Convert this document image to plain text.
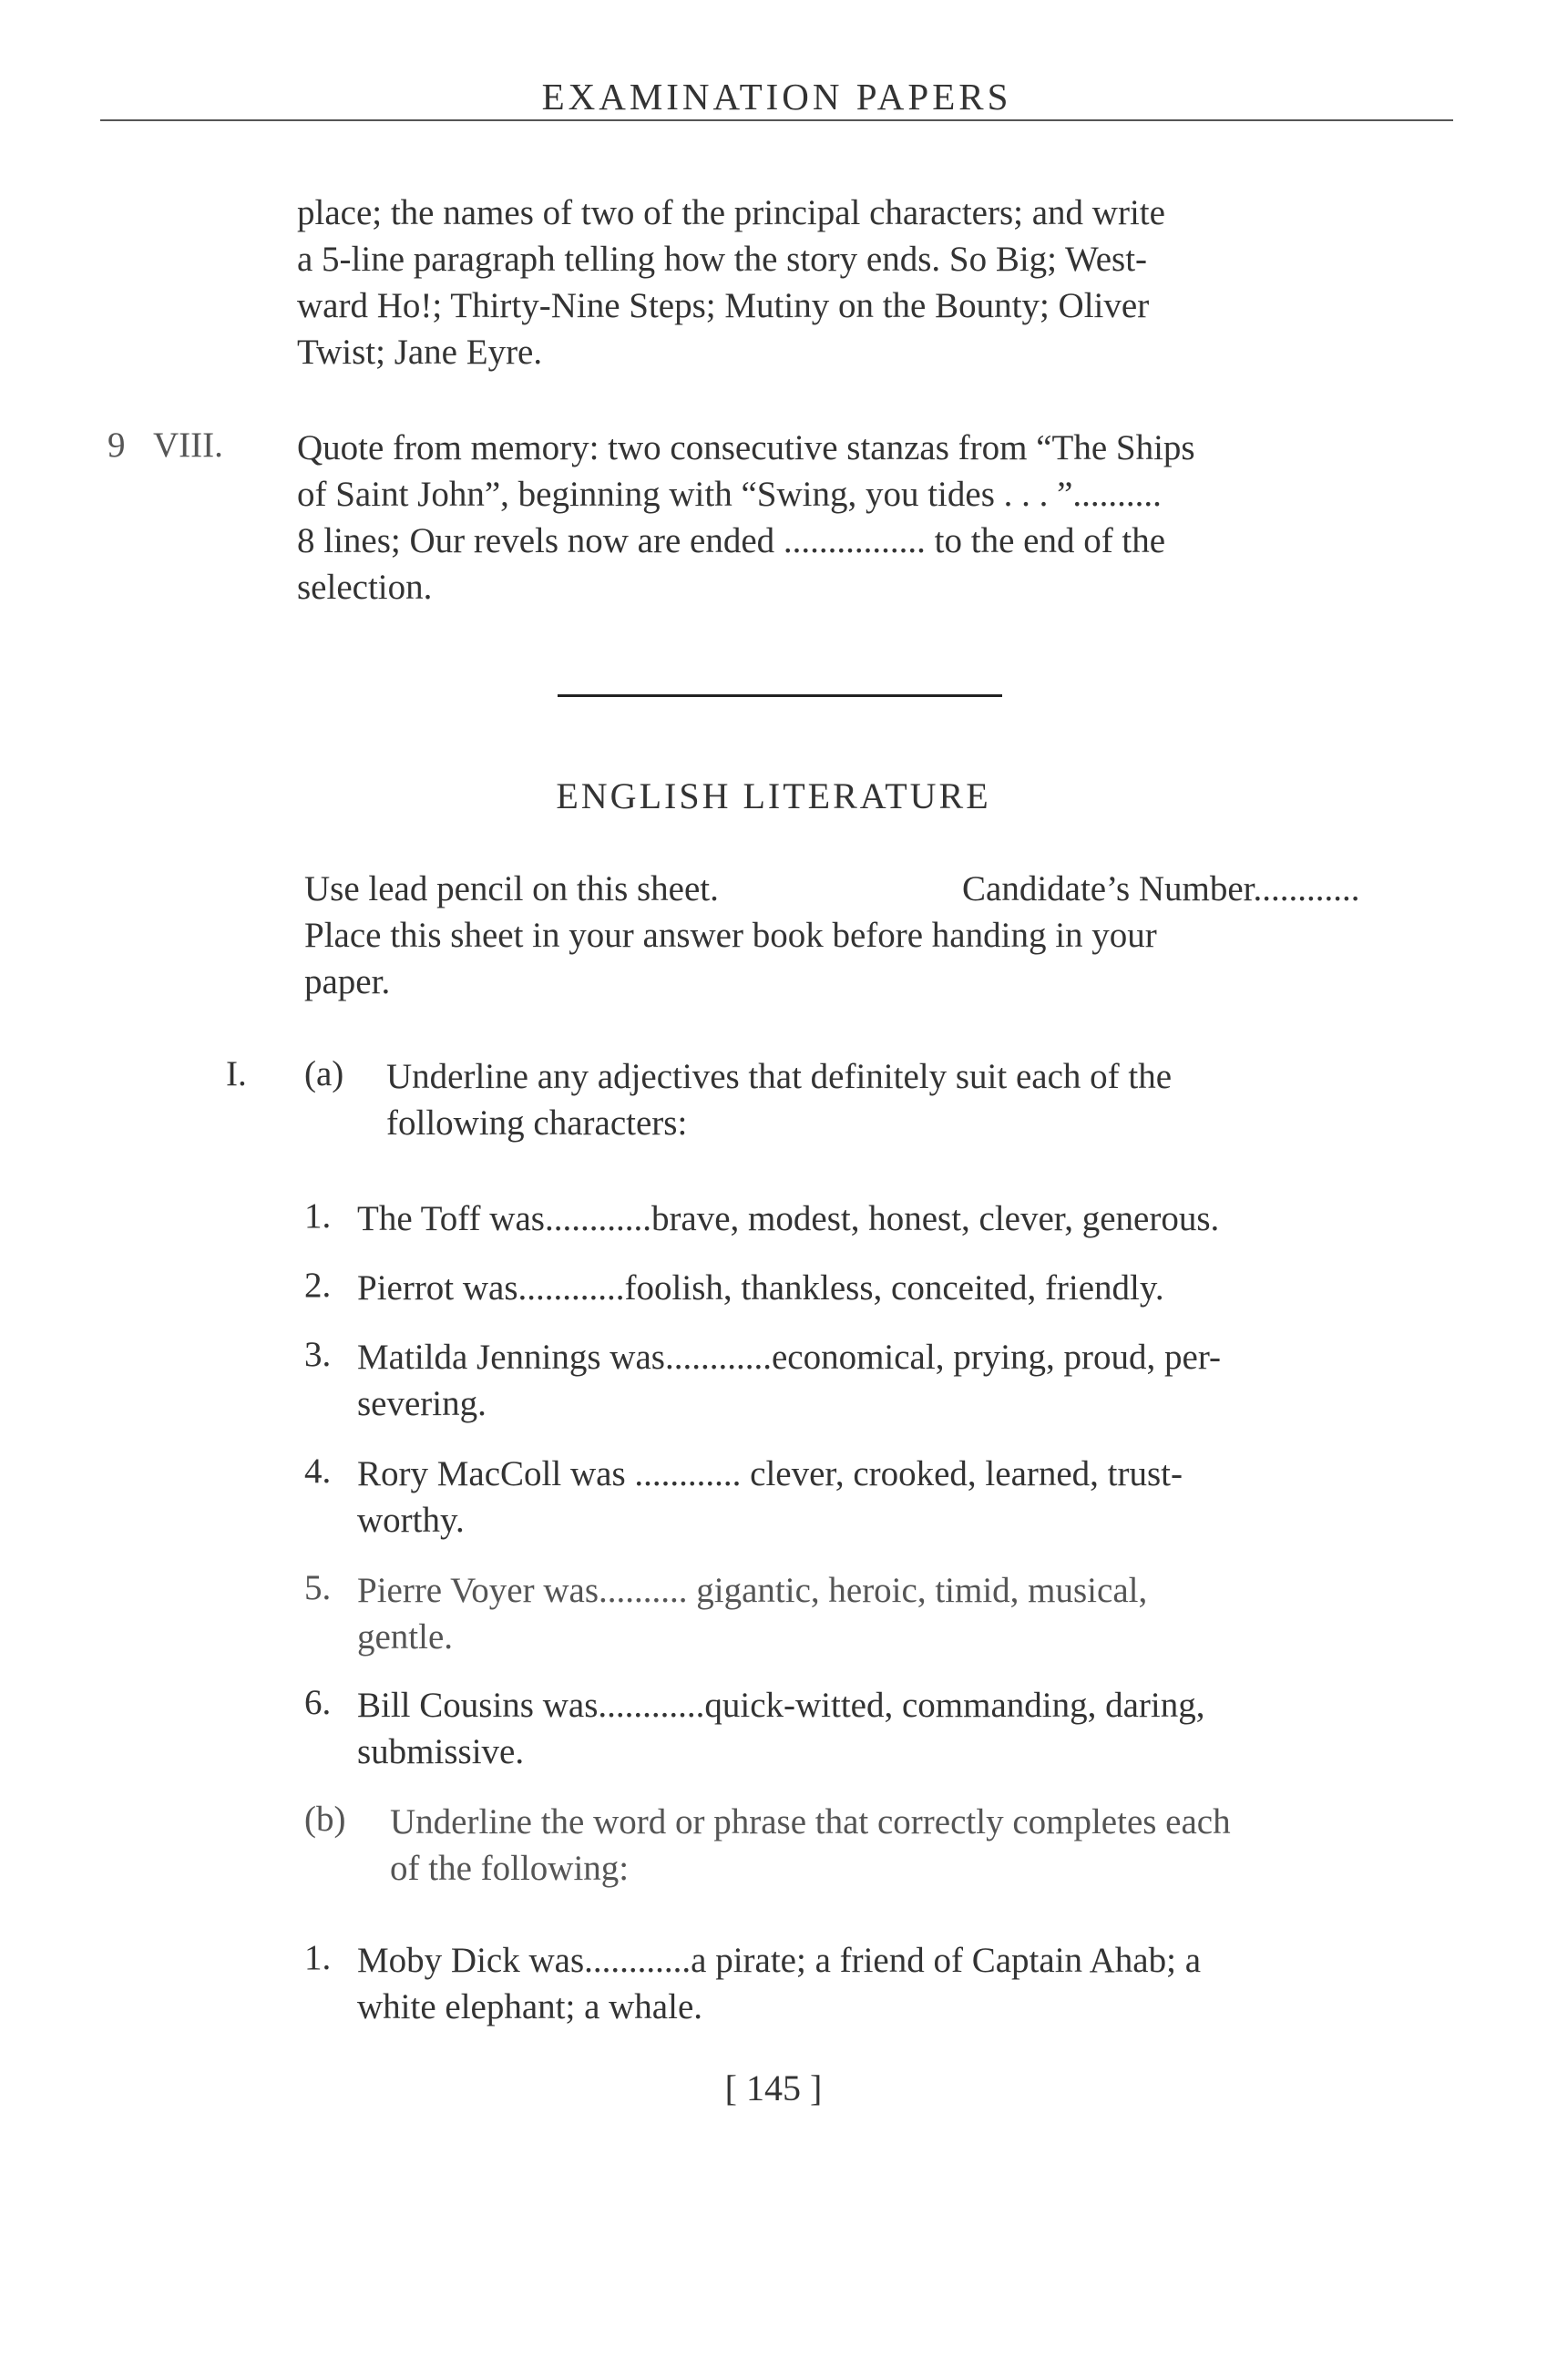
EXAMINATION PAPERS
place; the names of two of the principal characters; and write
a 5-line paragraph telling how the story ends. So Big; West-
ward Ho!; Thirty-Nine Steps; Mutiny on the Bounty; Oliver
Twist; Jane Eyre.
9 VIII. Quote from memory: two consecutive stanzas from “The Ships
of Saint John”, beginning with “Swing, you tides . . . ”..........
8 lines; Our revels now are ended ................ to the end of the
selection.
ENGLISH LITERATURE
Use lead pencil on this sheet.	Candidate’s Number............
Place this sheet in your answer book before handing in your
paper.
I. (a) Underline any adjectives that definitely suit each of the
following characters:
1. The Toff was............brave, modest, honest, clever, generous.
2. Pierrot was............foolish, thankless, conceited, friendly.
3. Matilda Jennings was............economical, prying, proud, per-
severing.
4. Rory MacColl was ............ clever, crooked, learned, trust-
worthy.
5. Pierre Voyer was.......... gigantic, heroic, timid, musical,
gentle.
6. Bill Cousins was............quick-witted, commanding, daring,
submissive.
(b) Underline the word or phrase that correctly completes each
of the following:
1. Moby Dick was............a pirate; a friend of Captain Ahab; a
white elephant; a whale.
[ 145 ]
